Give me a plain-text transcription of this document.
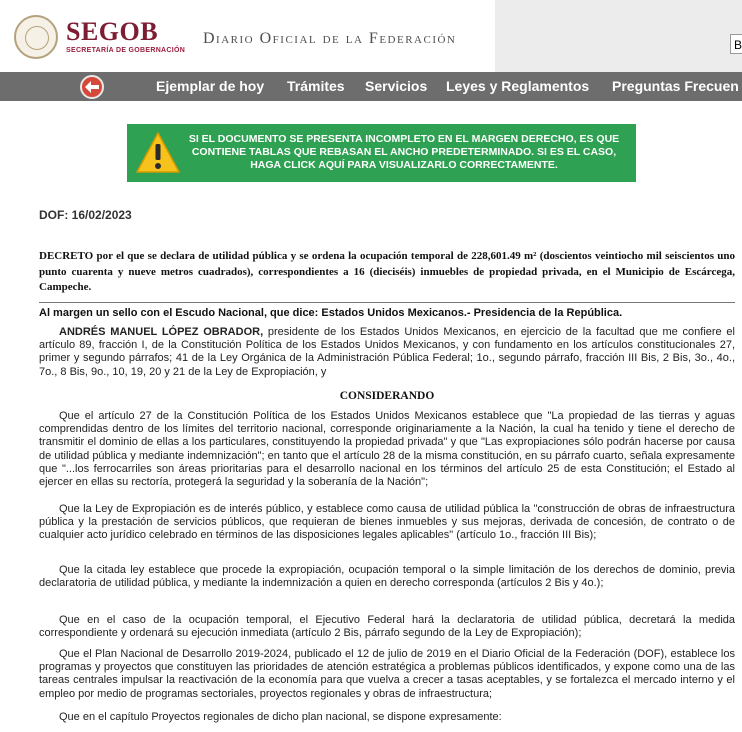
SEGOB
SECRETARÍA DE GOBERNACIÓN
Diario Oficial de la Federación	B
Ejemplar de hoy Trámites Servicios Leyes y Reglamentos Preguntas Frecuen
SI EL DOCUMENTO SE PRESENTA INCOMPLETO EN EL MARGEN DERECHO, ES QUE CONTIENE TABLAS QUE REBASAN EL ANCHO PREDETERMINADO. SI ES EL CASO, HAGA CLICK AQUÍ PARA VISUALIZARLO CORRECTAMENTE.
DOF: 16/02/2023
DECRETO por el que se declara de utilidad pública y se ordena la ocupación temporal de 228,601.49 m² (doscientos veintiocho mil seiscientos uno punto cuarenta y nueve metros cuadrados), correspondientes a 16 (dieciséis) inmuebles de propiedad privada, en el Municipio de Escárcega, Campeche.
Al margen un sello con el Escudo Nacional, que dice: Estados Unidos Mexicanos.- Presidencia de la República.
ANDRÉS MANUEL LÓPEZ OBRADOR, presidente de los Estados Unidos Mexicanos, en ejercicio de la facultad que me confiere el artículo 89, fracción I, de la Constitución Política de los Estados Unidos Mexicanos, y con fundamento en los artículos constitucionales 27, primer y segundo párrafos; 41 de la Ley Orgánica de la Administración Pública Federal; 1o., segundo párrafo, fracción III Bis, 2 Bis, 3o., 4o., 7o., 8 Bis, 9o., 10, 19, 20 y 21 de la Ley de Expropiación, y
CONSIDERANDO
Que el artículo 27 de la Constitución Política de los Estados Unidos Mexicanos establece que "La propiedad de las tierras y aguas comprendidas dentro de los límites del territorio nacional, corresponde originariamente a la Nación, la cual ha tenido y tiene el derecho de transmitir el dominio de ellas a los particulares, constituyendo la propiedad privada" y que "Las expropiaciones sólo podrán hacerse por causa de utilidad pública y mediante indemnización"; en tanto que el artículo 28 de la misma constitución, en su párrafo cuarto, señala expresamente que "...los ferrocarriles son áreas prioritarias para el desarrollo nacional en los términos del artículo 25 de esta Constitución; el Estado al ejercer en ellas su rectoría, protegerá la seguridad y la soberanía de la Nación";
Que la Ley de Expropiación es de interés público, y establece como causa de utilidad pública la "construcción de obras de infraestructura pública y la prestación de servicios públicos, que requieran de bienes inmuebles y sus mejoras, derivada de concesión, de contrato o de cualquier acto jurídico celebrado en términos de las disposiciones legales aplicables" (artículo 1o., fracción III Bis);
Que la citada ley establece que procede la expropiación, ocupación temporal o la simple limitación de los derechos de dominio, previa declaratoria de utilidad pública, y mediante la indemnización a quien en derecho corresponda (artículos 2 Bis y 4o.);
Que en el caso de la ocupación temporal, el Ejecutivo Federal hará la declaratoria de utilidad pública, decretará la medida correspondiente y ordenará su ejecución inmediata (artículo 2 Bis, párrafo segundo de la Ley de Expropiación);
Que el Plan Nacional de Desarrollo 2019-2024, publicado el 12 de julio de 2019 en el Diario Oficial de la Federación (DOF), establece los programas y proyectos que constituyen las prioridades de atención estratégica a problemas públicos identificados, y expone como una de las tareas centrales impulsar la reactivación de la economía para que vuelva a crecer a tasas aceptables, y se fortalezca el mercado interno y el empleo por medio de programas sectoriales, proyectos regionales y obras de infraestructura;
Que en el capítulo Proyectos regionales de dicho plan nacional, se dispone expresamente:
